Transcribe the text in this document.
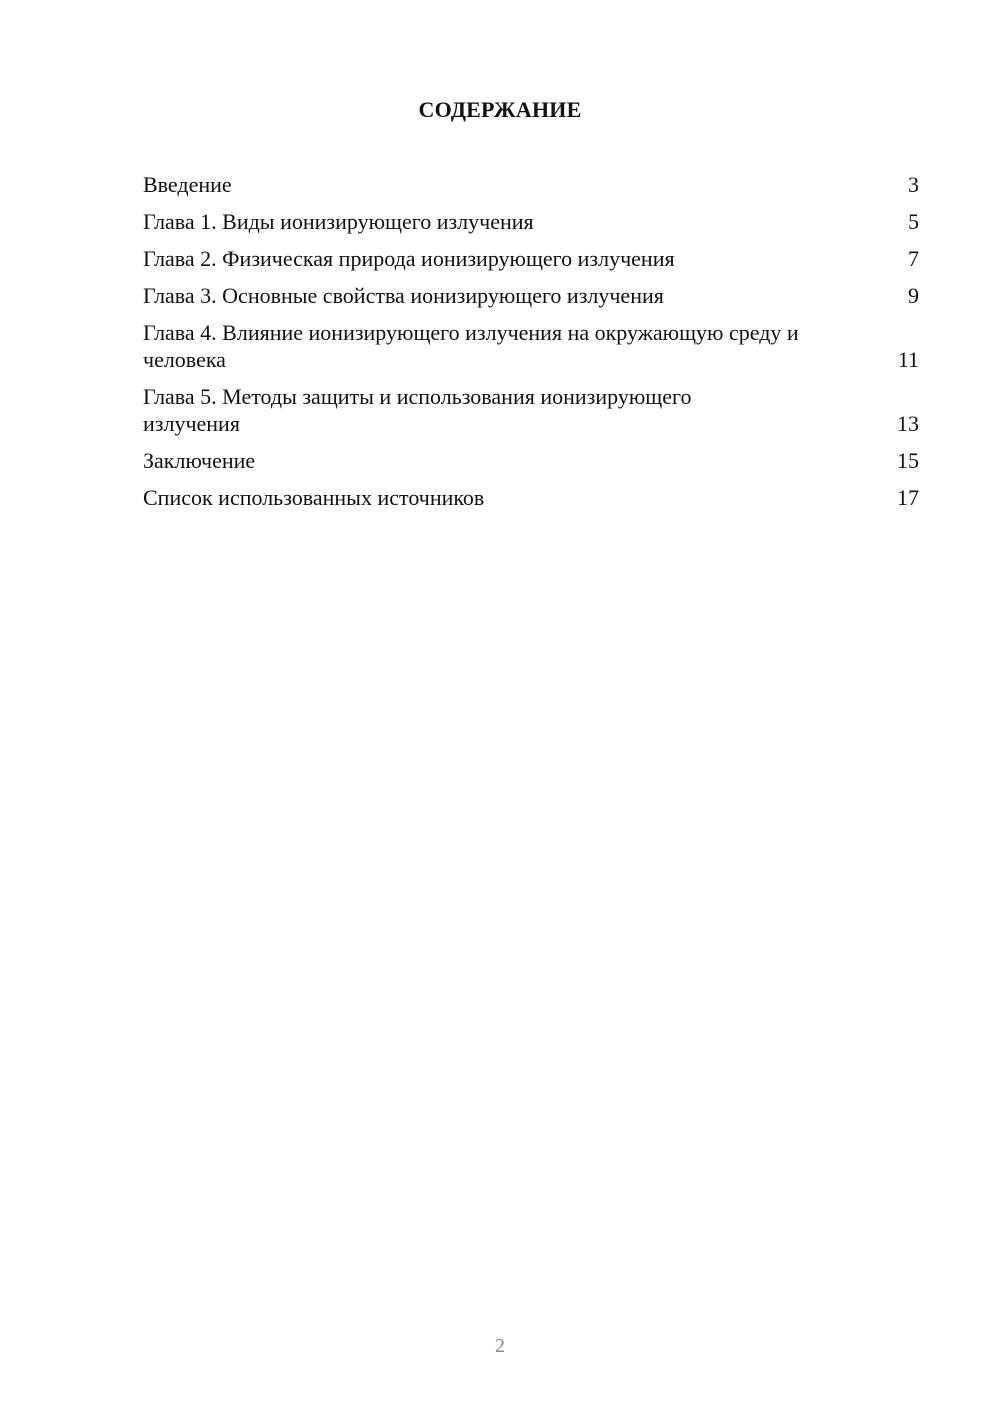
СОДЕРЖАНИЕ
Введение	3
Глава 1. Виды ионизирующего излучения	5
Глава 2. Физическая природа ионизирующего излучения	7
Глава 3. Основные свойства ионизирующего излучения	9
Глава 4. Влияние ионизирующего излучения на окружающую среду и человека	11
Глава 5. Методы защиты и использования ионизирующего излучения	13
Заключение	15
Список использованных источников	17
2
